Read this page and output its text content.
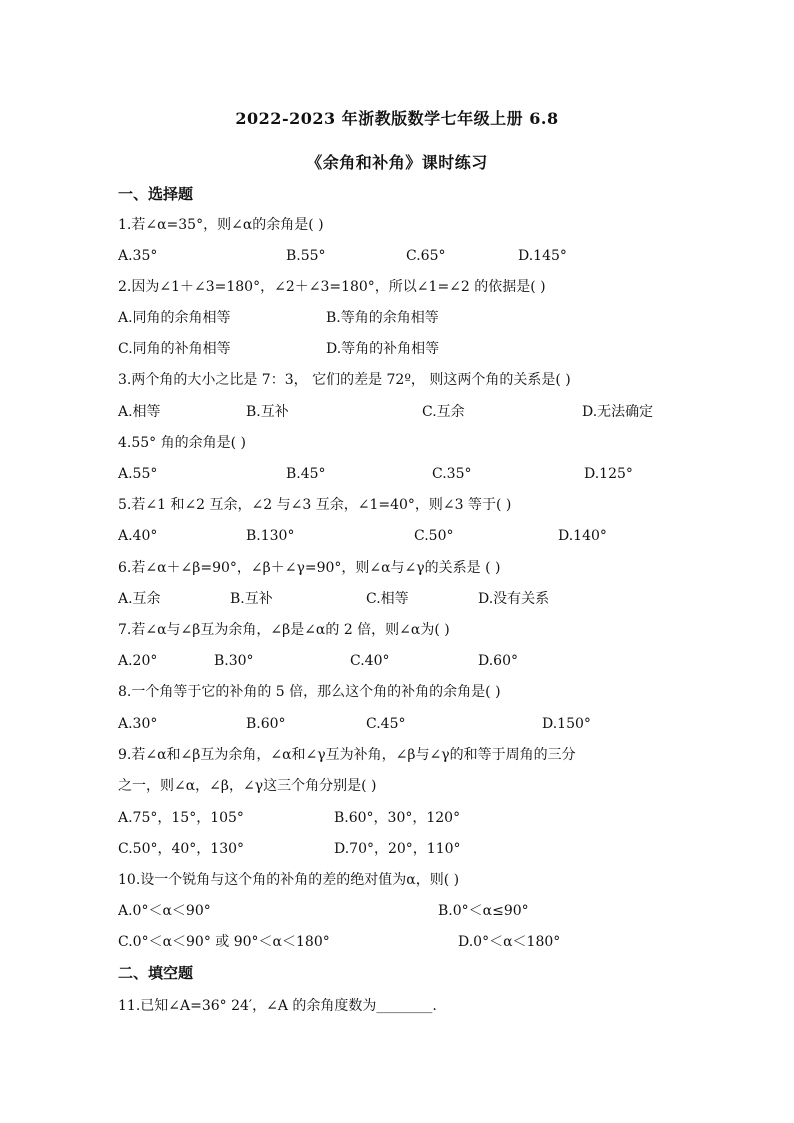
2022-2023 年浙教版数学七年级上册 6.8
《余角和补角》课时练习
一、选择题
1.若∠α=35°，则∠α的余角是( )
A.35°	B.55°	C.65°	D.145°
2.因为∠1＋∠3=180°，∠2＋∠3=180°，所以∠1=∠2 的依据是( )
A.同角的余角相等	B.等角的余角相等
C.同角的补角相等	D.等角的补角相等
3.两个角的大小之比是 7：3， 它们的差是 72º， 则这两个角的关系是( )
A.相等	B.互补	C.互余	D.无法确定
4.55° 角的余角是( )
A.55°	B.45°	C.35°	D.125°
5.若∠1 和∠2 互余，∠2 与∠3 互余，∠1=40°，则∠3 等于( )
A.40°	B.130°	C.50°	D.140°
6.若∠α＋∠β=90°，∠β＋∠γ=90°，则∠α与∠γ的关系是 ( )
A.互余	B.互补	C.相等	D.没有关系
7.若∠α与∠β互为余角，∠β是∠α的 2 倍，则∠α为( )
A.20°	B.30°	C.40°	D.60°
8.一个角等于它的补角的 5 倍，那么这个角的补角的余角是( )
A.30°	B.60°	C.45°	D.150°
9.若∠α和∠β互为余角，∠α和∠γ互为补角，∠β与∠γ的和等于周角的三分
之一，则∠α，∠β，∠γ这三个角分别是( )
A.75°，15°，105°	B.60°，30°，120°
C.50°，40°，130°	D.70°，20°，110°
10.设一个锐角与这个角的补角的差的绝对值为α，则( )
A.0°＜α＜90°	B.0°＜α≤90°
C.0°＜α＜90° 或 90°＜α＜180°	D.0°＜α＜180°
二、填空题
11.已知∠A=36° 24′，∠A 的余角度数为________.
